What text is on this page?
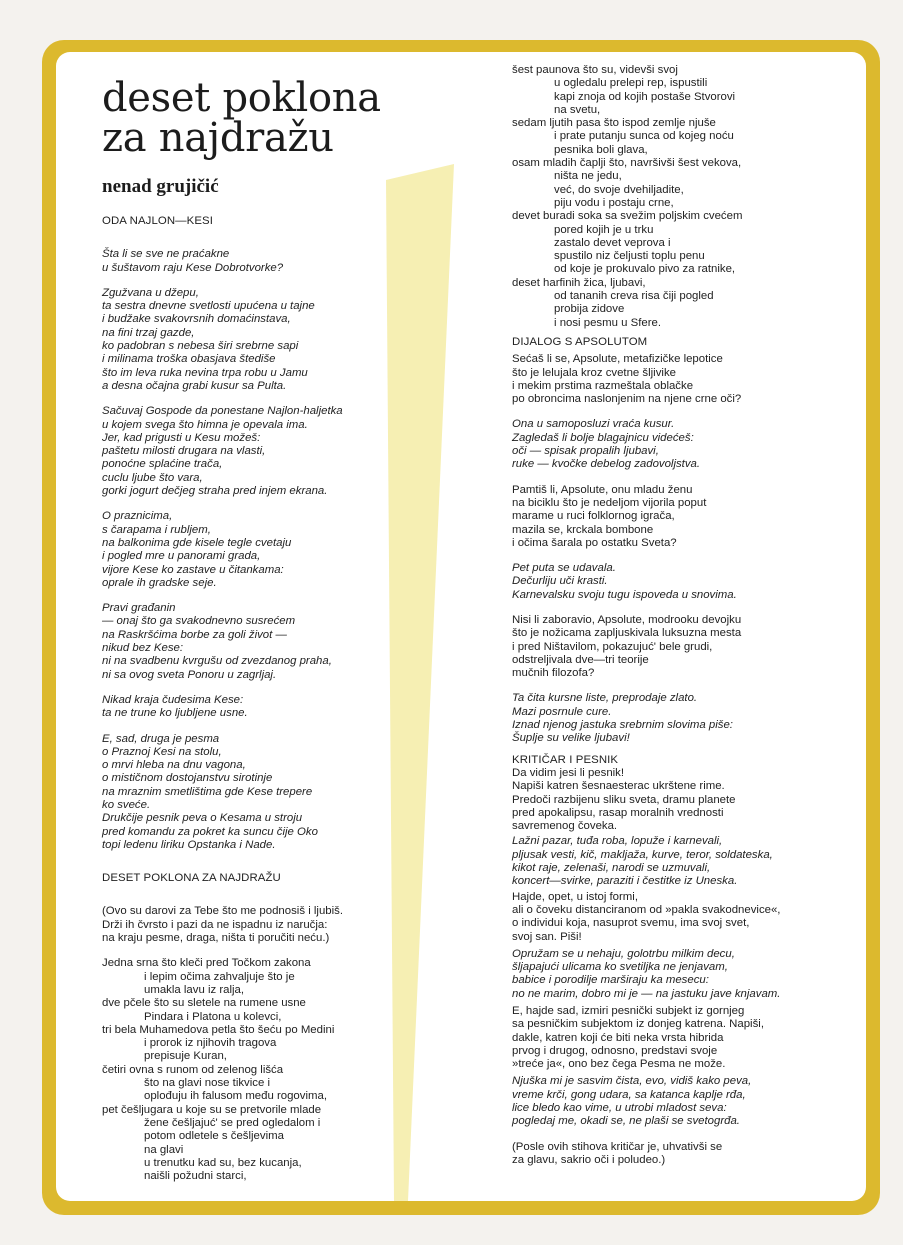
deset poklona
za najdražu
nenad grujičić
ODA NAJLON—KESI
Šta li se sve ne praćakne
u šuštavom raju Kese Dobrotvorke?
Zgužvana u džepu,
ta sestra dnevne svetlosti upućena u tajne
i budžake svakovrsnih domaćinstava,
na fini trzaj gazde,
ko padobran s nebesa širi srebrne sapi
i milinama troška obasjava štediše
što im leva ruka nevina trpa robu u Jamu
a desna očajna grabi kusur sa Pulta.
Sačuvaj Gospode da ponestane Najlon-haljetka
u kojem svega što himna je opevala ima.
Jer, kad prigusti u Kesu možeš:
paštetu milosti drugara na vlasti,
ponoćne splaćine trača,
cuclu ljube što vara,
gorki jogurt dečjeg straha pred injem ekrana.
O praznicima,
s čarapama i rubljem,
na balkonima gde kisele tegle cvetaju
i pogled mre u panorami grada,
vijore Kese ko zastave u čitankama:
oprale ih gradske seje.
Pravi građanin
— onaj što ga svakodnevno susrećem
na Raskršćima borbe za goli život —
nikud bez Kese:
ni na svadbenu kvrgušu od zvezdanog praha,
ni sa ovog sveta Ponoru u zagrljaj.
Nikad kraja čudesima Kese:
ta ne trune ko ljubljene usne.
E, sad, druga je pesma
o Praznoj Kesi na stolu,
o mrvi hleba na dnu vagona,
o mističnom dostojanstvu sirotinje
na mraznim smetlištima gde Kese trepere
ko sveće.
Drukčije pesnik peva o Kesama u stroju
pred komandu za pokret ka suncu čije Oko
topi ledenu liriku Opstanka i Nade.
DESET POKLONA ZA NAJDRAŽU
(Ovo su darovi za Tebe što me podnosiš i ljubiš.
Drži ih čvrsto i pazi da ne ispadnu iz naručja:
na kraju pesme, draga, ništa ti poručiti neću.)
Jedna srna što kleči pred Točkom zakona
i lepim očima zahvaljuje što je
umakla lavu iz ralja,
dve pčele što su sletele na rumene usne
Pindara i Platona u kolevci,
tri bela Muhamedova petla što šeću po Medini
i prorok iz njihovih tragova
prepisuje Kuran,
četiri ovna s runom od zelenog lišća
što na glavi nose tikvice i
oplođuju ih falusom među rogovima,
pet češljugara u koje su se pretvorile mlade
žene češljajuć' se pred ogledalom i
potom odletele s češljevima
na glavi
u trenutku kad su, bez kucanja,
naišli požudni starci,
šest paunova što su, videvši svoj
u ogledalu prelepi rep, ispustili
kapi znoja od kojih postaše Stvorovi
na svetu,
sedam ljutih pasa što ispod zemlje njuše
i prate putanju sunca od kojeg noću
pesnika boli glava,
osam mladih čaplji što, navršivši šest vekova,
ništa ne jedu,
već, do svoje dvehiljadite,
piju vodu i postaju crne,
devet buradi soka sa svežim poljskim cvećem
pored kojih je u trku
zastalo devet veprova i
spustilo niz čeljusti toplu penu
od koje je prokuvalo pivo za ratnike,
deset harfinih žica, ljubavi,
od tananih creva risa čiji pogled
probija zidove
i nosi pesmu u Sfere.
DIJALOG S APSOLUTOM
Sećaš li se, Apsolute, metafizičke lepotice
što je lelujala kroz cvetne šljivike
i mekim prstima razmeštala oblačke
po obroncima naslonjenim na njene crne oči?
Ona u samoposluzi vraća kusur.
Zagledaš li bolje blagajnicu videćeš:
oči — spisak propalih ljubavi,
ruke — kvočke debelog zadovoljstva.
Pamtiš li, Apsolute, onu mladu ženu
na biciklu što je nedeljom vijorila poput
marame u ruci folklornog igrača,
mazila se, krckala bombone
i očima šarala po ostatku Sveta?
Pet puta se udavala.
Dečurliju uči krasti.
Karnevalsku svoju tugu ispoveda u snovima.
Nisi li zaboravio, Apsolute, modrooku devojku
što je nožicama zapljuskivala luksuzna mesta
i pred Ništavilom, pokazujuć' bele grudi,
odstreljivala dve—tri teorije
mučnih filozofa?
Ta čita kursne liste, preprodaje zlato.
Mazi posrnule cure.
Iznad njenog jastuka srebrnim slovima piše:
Šuplje su velike ljubavi!
KRITIČAR I PESNIK
Da vidim jesi li pesnik!
Napiši katren šesnaesterac ukrštene rime.
Predoči razbijenu sliku sveta, dramu planete
pred apokalipsu, rasap moralnih vrednosti
savremenog čoveka.
Lažni pazar, tuđa roba, lopuže i karnevali,
pljusak vesti, kič, makljaža, kurve, teror, soldateska,
kikot raje, zelenaši, narodi se uzmuvali,
koncert—svirke, paraziti i čestitke iz Uneska.
Hajde, opet, u istoj formi,
ali o čoveku distanciranom od »pakla svakodnevice«,
o individui koja, nasuprot svemu, ima svoj svet,
svoj san. Piši!
Opružam se u nehaju, golotrbu milkim decu,
šljapajući ulicama ko svetiljka ne jenjavam,
babice i porodilje marširaju ka mesecu:
no ne marim, dobro mi je — na jastuku jave knjavam.
E, hajde sad, izmiri pesnički subjekt iz gornjeg
sa pesničkim subjektom iz donjeg katrena. Napiši,
dakle, katren koji će biti neka vrsta hibrida
prvog i drugog, odnosno, predstavi svoje
»treće ja«, ono bez čega Pesma ne može.
Njuška mi je sasvim čista, evo, vidiš kako peva,
vreme krči, gong udara, sa katanca kaplje rđa,
lice bledo kao vime, u utrobi mladost seva:
pogledaj me, okadi se, ne plaši se svetogrđa.
(Posle ovih stihova kritičar je, uhvativši se
za glavu, sakrio oči i poludeo.)
